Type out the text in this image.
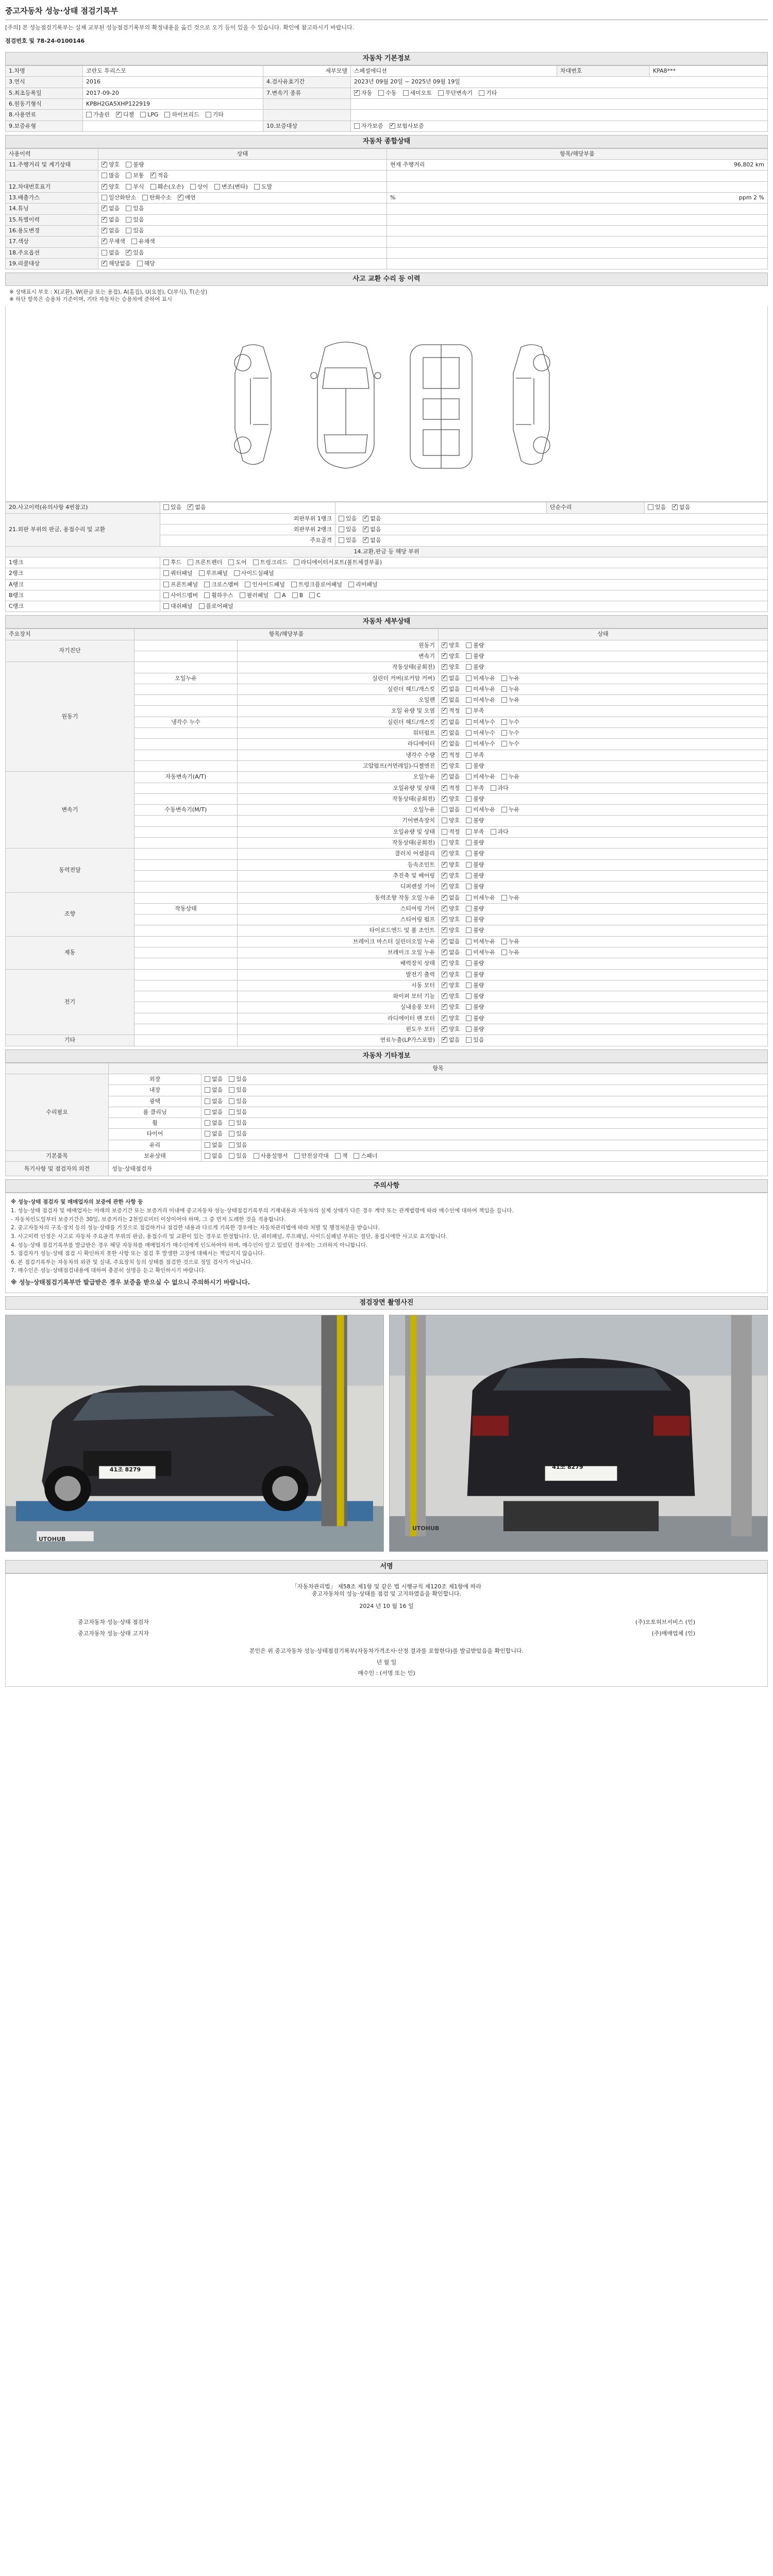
중고자동차 성능·상태 점검기록부
[주의] 본 성능점검기록부는 실제 교부된 성능점검기록부의 확정내용을 옮긴 것으로 오기 등이 있을 수 있습니다. 확인에 참고하시기 바랍니다.
점검번호 및 78-24-0100146
자동차 기본정보
1.차명	코란도 투리스모	세부모델	스페셜에디션	차대번호	KPA8***
3.연식	2016	4.검사유효기간	2023년 09월 20일 ~ 2025년 09월 19일		
5.최초등록일	2017-09-20	7.변속기 종류	✓자동 수동 세미오토 무단변속기 기타
6.원동기형식	KPBH2GA5XHP122919				
8.사용연료	가솔린 ✓ 디젤 LPG 하이브리드 기타		
9.보증유형		10.보증대상	자가보증 ✓ 보험사보증
자동차 종합상태
사용이력	상태	항목/해당부품
11.주행거리 및 계기상태	✓양호 불량	현재 주행거리 96,802 km

	많음 보통 ✓ 적음	

12.차대번호표기	✓양호 부식 훼손(오손) 상이 변조(변타) 도말	

13.배출가스	일산화탄소 탄화수소 ✓ 매연	% ppm 2 %

14.튜닝	✓없음 있음	

15.특별이력	✓없음 있음	

16.용도변경	✓없음 있음	

17.색상	✓무채색 유채색	

18.주요옵션	없음 ✓ 있음	

19.리콜대상	✓해당없음 해당	
사고 교환 수리 등 이력
※ 상태표시 부호 : X(교환), W(판금 또는 용접), A(흠집), U(요철), C(부식), T(손상)
※ 하단 항목은 승용차 기준이며, 기타 자동차는 승용차에 준하여 표시
20.사고이력(유의사항 4번참고)	있음 ✓ 없음		단순수리	있음 ✓ 없음
21.외판 부위의 판금, 용접수리 및 교환	외판부위 1랭크	있음 ✓ 없음
	외판부위 2랭크	있음 ✓ 없음
	주요골격	있음 ✓ 없음
14.교환,판금 등 해당 부위				
1랭크	후드 프론트펜더 도어 트렁크리드 라디에이터서포트(볼트체결부품)			
2랭크	쿼터패널 루프패널 사이드실패널			
A랭크	프론트패널 크로스멤버 인사이드패널 트렁크플로어패널 리어패널			
B랭크	사이드멤버 휠하우스 필러패널 A B C			
C랭크	대쉬패널 플로어패널			
자동차 세부상태
주요장치	항목/해당부품		상태
자기진단		원동기	✓양호 불량
		변속기	✓양호 불량
원동기		작동상태(공회전)	✓양호 불량
	오일누유	실린더 커버(로커암 커버)	✓없음 미세누유 누유
		실린더 헤드/개스킷	✓없음 미세누유 누유
		오일팬	✓없음 미세누유 누유
		오일 유량 및 오염	✓적정 부족
	냉각수 누수	실린더 헤드/개스킷	✓없음 미세누수 누수
		워터펌프	✓없음 미세누수 누수
		라디에이터	✓없음 미세누수 누수
		냉각수 수량	✓적정 부족
		고압펌프(커먼레일)-디젤엔진	✓양호 불량
변속기	자동변속기(A/T)	오일누유	✓없음 미세누유 누유
		오일유량 및 상태	✓적정 부족 과다
		작동상태(공회전)	✓양호 불량
	수동변속기(M/T)	오일누유	없음 미세누유 누유
		기어변속장치	양호 불량
		오일유량 및 상태	적정 부족 과다
		작동상태(공회전)	양호 불량
동력전달		클러치 어셈블리	✓양호 불량
		등속조인트	✓양호 불량
		추진축 및 베어링	✓양호 불량
		디퍼렌셜 기어	✓양호 불량
조향		동력조향 작동 오일 누유	✓없음 미세누유 누유
	작동상태	스티어링 기어	✓양호 불량
		스티어링 펌프	✓양호 불량
		타이로드엔드 및 볼 조인트	✓양호 불량
제동		브레이크 마스터 실린더오일 누유	✓없음 미세누유 누유
		브레이크 오일 누유	✓없음 미세누유 누유
		배력장치 상태	✓양호 불량
전기		발전기 출력	✓양호 불량
		시동 모터	✓양호 불량
		와이퍼 모터 기능	✓양호 불량
		실내송풍 모터	✓양호 불량
		라디에이터 팬 모터	✓양호 불량
		윈도우 모터	✓양호 불량
기타		연료누출(LP가스포함)	✓없음 있음
자동차 기타정보
	항목	
수리필요	외장	없음 있음
	내장	없음 있음
	광택	없음 있음
	룸 클리닝	없음 있음
	휠	없음 있음
	타이어	없음 있음
	유리	없음 있음
기본품목	보유상태	없음 있음 사용설명서 안전삼각대 잭 스패너
특기사항 및 점검자의 의견	성능·상태점검자	
주의사항

※ 성능·상태 점검자 및 매매업자의 보증에 관한 사항 등

1. 성능·상태 점검자 및 매매업자는 아래의 보증기간 또는 보증거리 이내에 중고자동차 성능·상태점검기록부의 기재내용과 자동차의 실제 상태가 다른 경우 계약 또는 관계법령에 따라 매수인에 대하여 책임을 집니다.

- 자동차인도일부터 보증기간은 30일, 보증거리는 2천킬로미터 이상이어야 하며, 그 중 먼저 도래한 것을 적용합니다.

2. 중고자동차의 구조·장치 등의 성능·상태를 거짓으로 점검하거나 점검한 내용과 다르게 기록한 경우에는 자동차관리법에 따라 처벌 및 행정처분을 받습니다.

3. 사고이력 인정은 사고로 자동차 주요골격 부위의 판금, 용접수리 및 교환이 있는 경우로 한정합니다. 단, 쿼터패널, 루프패널, 사이드실패널 부위는 절단, 용접시에만 사고로 표기합니다.

4. 성능·상태 점검기록부를 발급받은 경우 해당 자동차를 매매업자가 매수인에게 인도하여야 하며, 매수인이 알고 있었던 경우에는 그러하지 아니합니다.

5. 점검자가 성능·상태 점검 시 확인하지 못한 사항 또는 점검 후 발생한 고장에 대해서는 책임지지 않습니다.

6. 본 점검기록부는 자동차의 외관 및 실내, 주요장치 등의 상태를 점검한 것으로 정밀 검사가 아닙니다.

7. 매수인은 성능·상태점검내용에 대하여 충분히 설명을 듣고 확인하시기 바랍니다.

※ 성능·상태점검기록부만 발급받은 경우 보증을 받으실 수 없으니 주의하시기 바랍니다.

점검장면 촬영사진
41조 8279
UTOHUB
41조 8279
UTOHUB
서명
「자동차관리법」 제58조 제1항 및 같은 법 시행규칙 제120조 제1항에 따라
중고자동차의 성능·상태를 점검 및 고지하였음을 확인합니다.
2024 년 10 월 16 일
중고자동차 성능·상태 점검자	(주)오토허브서비스 (인)
중고자동차 성능·상태 고지자	(주)매매업체 (인)
본인은 위 중고자동차 성능·상태점검기록부(자동차가격조사·산정 결과를 포함한다)를 발급받았음을 확인합니다.
년 월 일
매수인 : (서명 또는 인)
